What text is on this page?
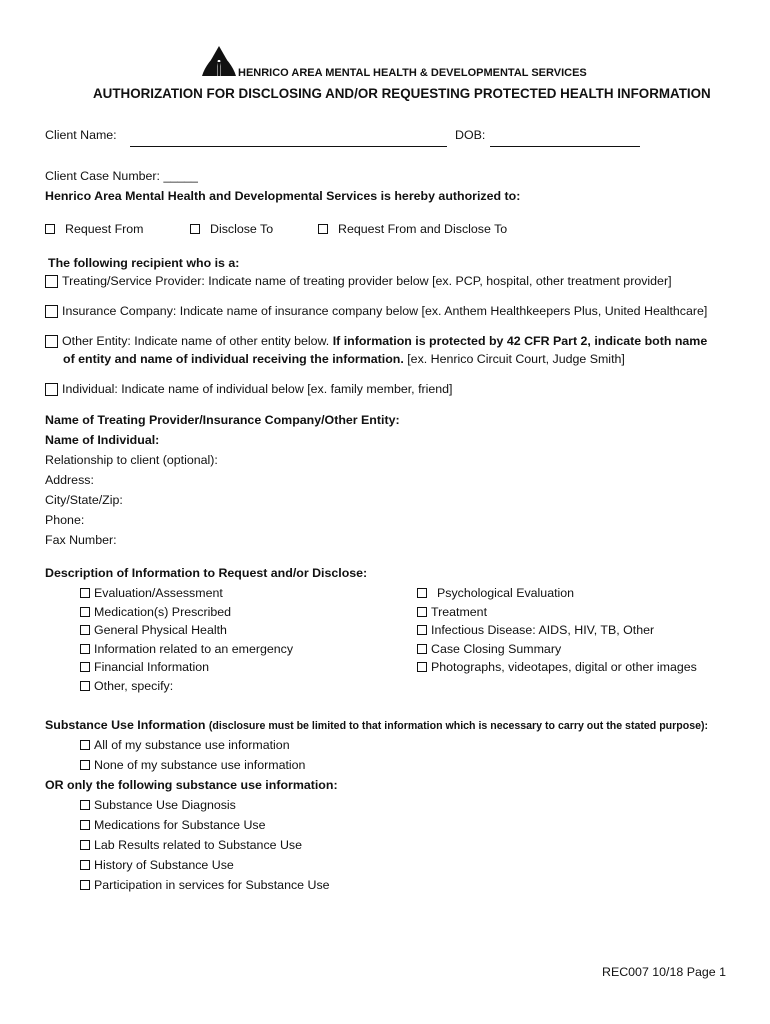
HENRICO AREA MENTAL HEALTH & DEVELOPMENTAL SERVICES
AUTHORIZATION FOR DISCLOSING AND/OR REQUESTING PROTECTED HEALTH INFORMATION
Client Name:	DOB:
Client Case Number: _____
Henrico Area Mental Health and Developmental Services is hereby authorized to:
Request From	Disclose To	Request From and Disclose To
The following recipient who is a:
Treating/Service Provider: Indicate name of treating provider below [ex. PCP, hospital, other treatment provider]
Insurance Company: Indicate name of insurance company below [ex. Anthem Healthkeepers Plus, United Healthcare]
Other Entity: Indicate name of other entity below. If information is protected by 42 CFR Part 2, indicate both name
of entity and name of individual receiving the information. [ex. Henrico Circuit Court, Judge Smith]
Individual: Indicate name of individual below [ex. family member, friend]
Name of Treating Provider/Insurance Company/Other Entity:
Name of Individual:
Relationship to client (optional):
Address:
City/State/Zip:
Phone:
Fax Number:
Description of Information to Request and/or Disclose:
Evaluation/Assessment
Medication(s) Prescribed
General Physical Health
Information related to an emergency
Financial Information
Other, specify:
Psychological Evaluation
Treatment
Infectious Disease: AIDS, HIV, TB, Other
Case Closing Summary
Photographs, videotapes, digital or other images
Substance Use Information (disclosure must be limited to that information which is necessary to carry out the stated purpose):
All of my substance use information
None of my substance use information
OR only the following substance use information:
Substance Use Diagnosis
Medications for Substance Use
Lab Results related to Substance Use
History of Substance Use
Participation in services for Substance Use
REC007 10/18 Page 1
